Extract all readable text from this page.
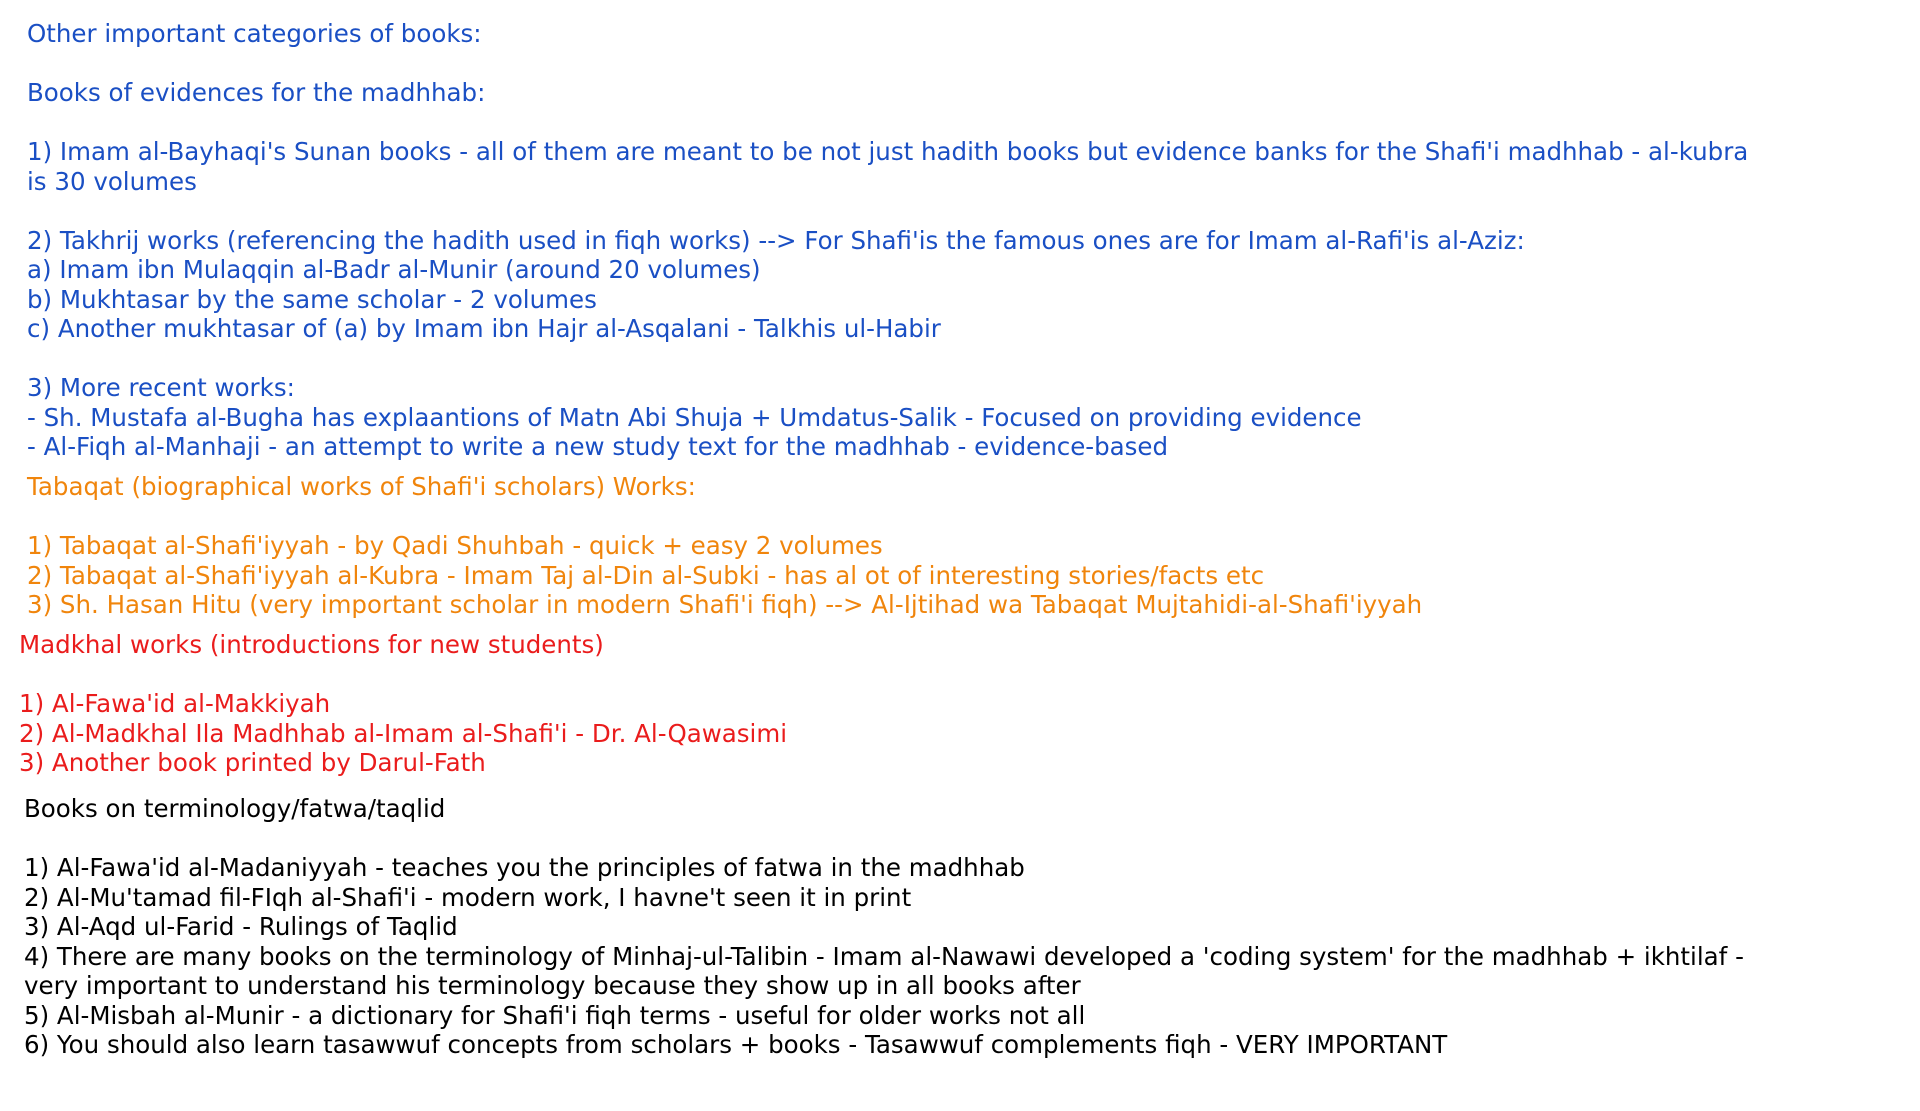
Other important categories of books:
Books of evidences for the madhhab:
1) Imam al-Bayhaqi's Sunan books - all of them are meant to be not just hadith books but evidence banks for the Shafi'i madhhab - al-kubra
is 30 volumes
2) Takhrij works (referencing the hadith used in fiqh works) --> For Shafi'is the famous ones are for Imam al-Rafi'is al-Aziz:
a) Imam ibn Mulaqqin al-Badr al-Munir (around 20 volumes)
b) Mukhtasar by the same scholar - 2 volumes
c) Another mukhtasar of (a) by Imam ibn Hajr al-Asqalani - Talkhis ul-Habir
3) More recent works:
- Sh. Mustafa al-Bugha has explaantions of Matn Abi Shuja + Umdatus-Salik - Focused on providing evidence
- Al-Fiqh al-Manhaji - an attempt to write a new study text for the madhhab - evidence-based
Tabaqat (biographical works of Shafi'i scholars) Works:
1) Tabaqat al-Shafi'iyyah - by Qadi Shuhbah - quick + easy 2 volumes
2) Tabaqat al-Shafi'iyyah al-Kubra - Imam Taj al-Din al-Subki - has al ot of interesting stories/facts etc
3) Sh. Hasan Hitu (very important scholar in modern Shafi'i fiqh) --> Al-Ijtihad wa Tabaqat Mujtahidi-al-Shafi'iyyah
Madkhal works (introductions for new students)
1) Al-Fawa'id al-Makkiyah
2) Al-Madkhal Ila Madhhab al-Imam al-Shafi'i - Dr. Al-Qawasimi
3) Another book printed by Darul-Fath
Books on terminology/fatwa/taqlid
1) Al-Fawa'id al-Madaniyyah - teaches you the principles of fatwa in the madhhab
2) Al-Mu'tamad fil-FIqh al-Shafi'i - modern work, I havne't seen it in print
3) Al-Aqd ul-Farid - Rulings of Taqlid
4) There are many books on the terminology of Minhaj-ul-Talibin - Imam al-Nawawi developed a 'coding system' for the madhhab + ikhtilaf -
very important to understand his terminology because they show up in all books after
5) Al-Misbah al-Munir - a dictionary for Shafi'i fiqh terms - useful for older works not all
6) You should also learn tasawwuf concepts from scholars + books - Tasawwuf complements fiqh - VERY IMPORTANT
